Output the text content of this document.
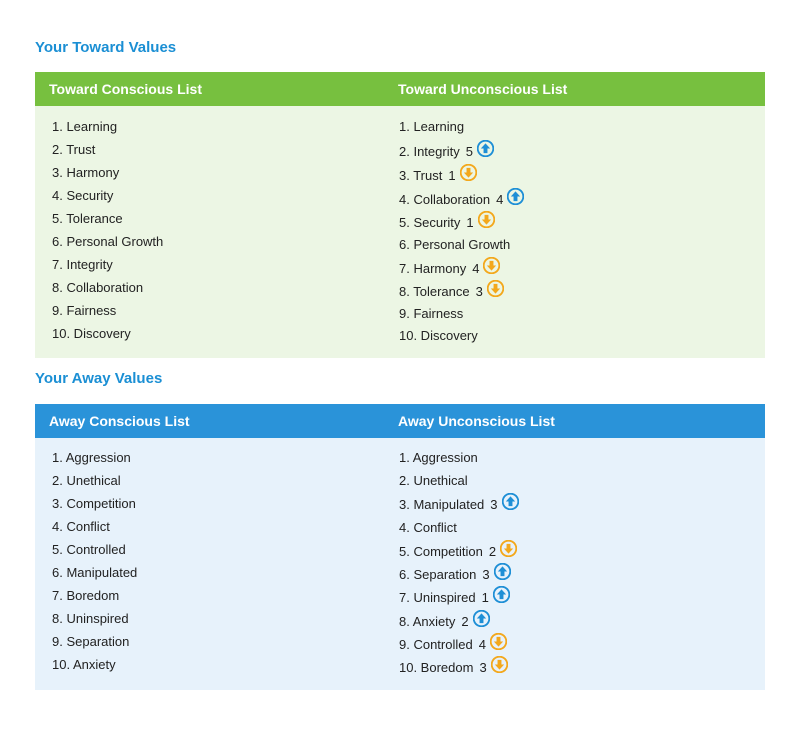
Your Toward Values
Toward Conscious List	Toward Unconscious List
1. Learning
2. Trust
3. Harmony
4. Security
5. Tolerance
6. Personal Growth
7. Integrity
8. Collaboration
9. Fairness
10. Discovery
1. Learning
2. Integrity 5
3. Trust 1
4. Collaboration 4
5. Security 1
6. Personal Growth
7. Harmony 4
8. Tolerance 3
9. Fairness
10. Discovery
Your Away Values
Away Conscious List	Away Unconscious List
1. Aggression
2. Unethical
3. Competition
4. Conflict
5. Controlled
6. Manipulated
7. Boredom
8. Uninspired
9. Separation
10. Anxiety
1. Aggression
2. Unethical
3. Manipulated 3
4. Conflict
5. Competition 2
6. Separation 3
7. Uninspired 1
8. Anxiety 2
9. Controlled 4
10. Boredom 3
